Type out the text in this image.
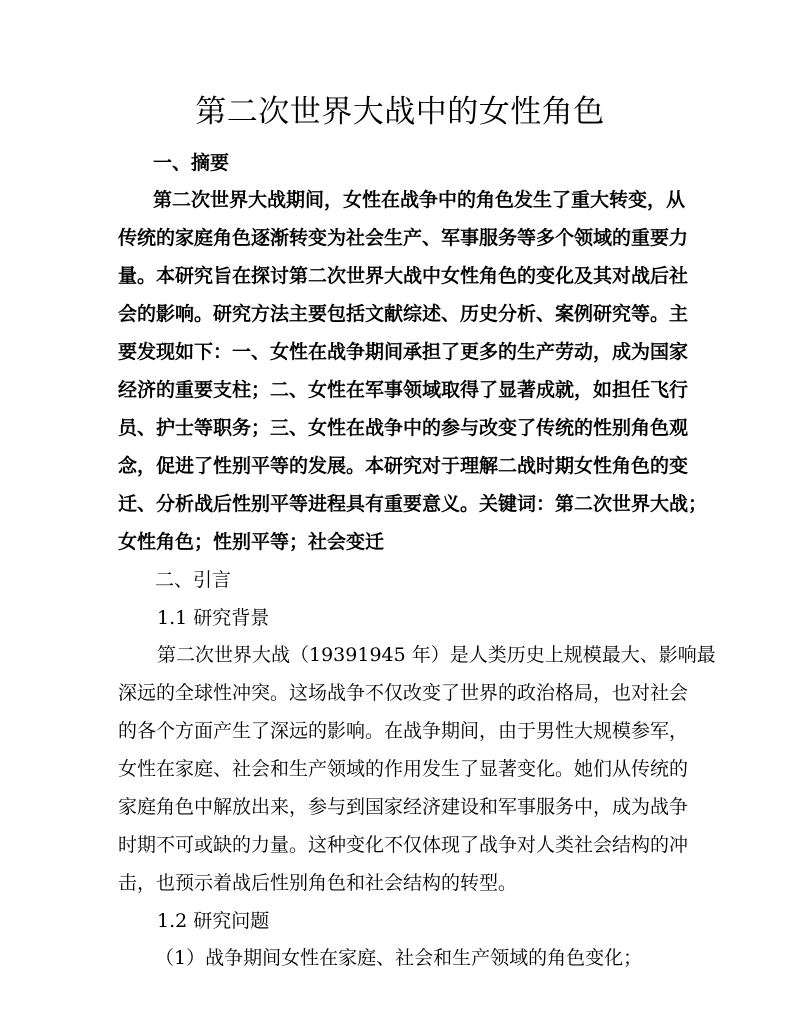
第二次世界大战中的女性角色

一、摘要

第二次世界大战期间，女性在战争中的角色发生了重大转变，从

传统的家庭角色逐渐转变为社会生产、军事服务等多个领域的重要力

量。本研究旨在探讨第二次世界大战中女性角色的变化及其对战后社

会的影响。研究方法主要包括文献综述、历史分析、案例研究等。主

要发现如下：一、女性在战争期间承担了更多的生产劳动，成为国家

经济的重要支柱；二、女性在军事领域取得了显著成就，如担任飞行

员、护士等职务；三、女性在战争中的参与改变了传统的性别角色观

念，促进了性别平等的发展。本研究对于理解二战时期女性角色的变

迁、分析战后性别平等进程具有重要意义。关键词：第二次世界大战；

女性角色；性别平等；社会变迁

二、引言

1.1 研究背景

第二次世界大战（19391945 年）是人类历史上规模最大、影响最

深远的全球性冲突。这场战争不仅改变了世界的政治格局，也对社会

的各个方面产生了深远的影响。在战争期间，由于男性大规模参军，

女性在家庭、社会和生产领域的作用发生了显著变化。她们从传统的

家庭角色中解放出来，参与到国家经济建设和军事服务中，成为战争

时期不可或缺的力量。这种变化不仅体现了战争对人类社会结构的冲

击，也预示着战后性别角色和社会结构的转型。

1.2 研究问题

（1）战争期间女性在家庭、社会和生产领域的角色变化；
